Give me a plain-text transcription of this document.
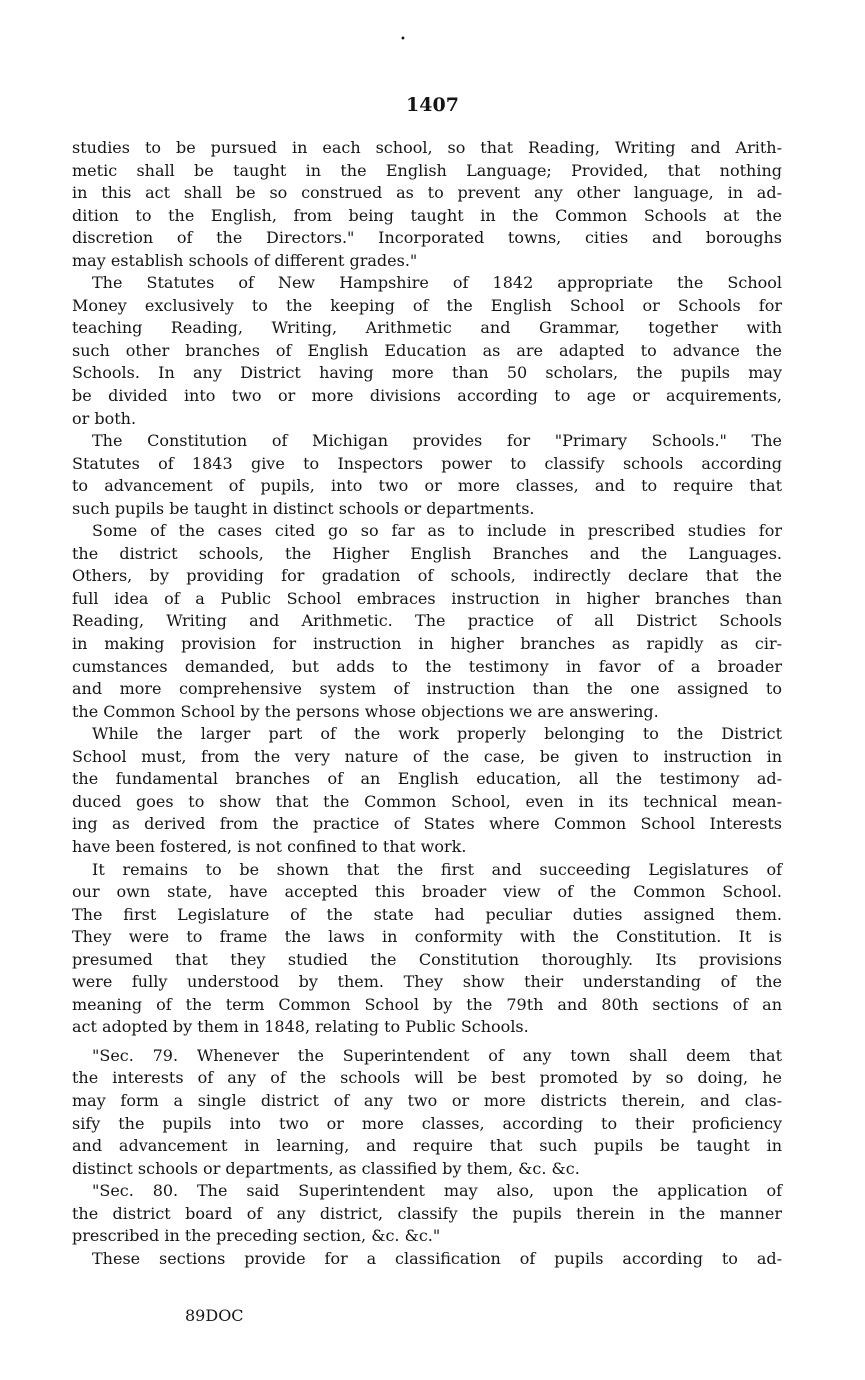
•
1407
studies to be pursued in each school, so that Reading, Writing and Arith-
metic shall be taught in the English Language; Provided, that nothing
in this act shall be so construed as to prevent any other language, in ad-
dition to the English, from being taught in the Common Schools at the
discretion of the Directors." Incorporated towns, cities and boroughs
may establish schools of different grades."
The Statutes of New Hampshire of 1842 appropriate the School
Money exclusively to the keeping of the English School or Schools for
teaching Reading, Writing, Arithmetic and Grammar, together with
such other branches of English Education as are adapted to advance the
Schools. In any District having more than 50 scholars, the pupils may
be divided into two or more divisions according to age or acquirements,
or both.
The Constitution of Michigan provides for "Primary Schools." The
Statutes of 1843 give to Inspectors power to classify schools according
to advancement of pupils, into two or more classes, and to require that
such pupils be taught in distinct schools or departments.
Some of the cases cited go so far as to include in prescribed studies for
the district schools, the Higher English Branches and the Languages.
Others, by providing for gradation of schools, indirectly declare that the
full idea of a Public School embraces instruction in higher branches than
Reading, Writing and Arithmetic. The practice of all District Schools
in making provision for instruction in higher branches as rapidly as cir-
cumstances demanded, but adds to the testimony in favor of a broader
and more comprehensive system of instruction than the one assigned to
the Common School by the persons whose objections we are answering.
While the larger part of the work properly belonging to the District
School must, from the very nature of the case, be given to instruction in
the fundamental branches of an English education, all the testimony ad-
duced goes to show that the Common School, even in its technical mean-
ing as derived from the practice of States where Common School Interests
have been fostered, is not confined to that work.
It remains to be shown that the first and succeeding Legislatures of
our own state, have accepted this broader view of the Common School.
The first Legislature of the state had peculiar duties assigned them.
They were to frame the laws in conformity with the Constitution. It is
presumed that they studied the Constitution thoroughly. Its provisions
were fully understood by them. They show their understanding of the
meaning of the term Common School by the 79th and 80th sections of an
act adopted by them in 1848, relating to Public Schools.
"Sec. 79. Whenever the Superintendent of any town shall deem that
the interests of any of the schools will be best promoted by so doing, he
may form a single district of any two or more districts therein, and clas-
sify the pupils into two or more classes, according to their proficiency
and advancement in learning, and require that such pupils be taught in
distinct schools or departments, as classified by them, &c. &c.
"Sec. 80. The said Superintendent may also, upon the application of
the district board of any district, classify the pupils therein in the manner
prescribed in the preceding section, &c. &c."
These sections provide for a classification of pupils according to ad-
89DOC
